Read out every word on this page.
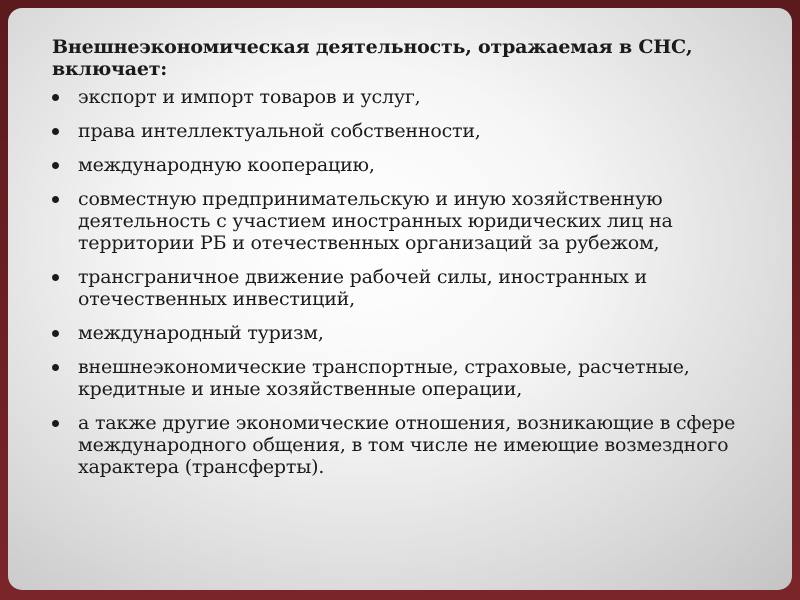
Внешнеэкономическая деятельность, отражаемая в СНС, включает:
экспорт и импорт товаров и услуг,
права интеллектуальной собственности,
международную кооперацию,
совместную предпринимательскую и иную хозяйственную деятельность с участием иностранных юридических лиц на территории РБ и отечественных организаций за рубежом,
трансграничное движение рабочей силы, иностранных и отечественных инвестиций,
международный туризм,
внешнеэкономические транспортные, страховые, расчетные, кредитные и иные хозяйственные операции,
а также другие экономические отношения, возникающие в сфере международного общения, в том числе не имеющие возмездного характера (трансферты).
